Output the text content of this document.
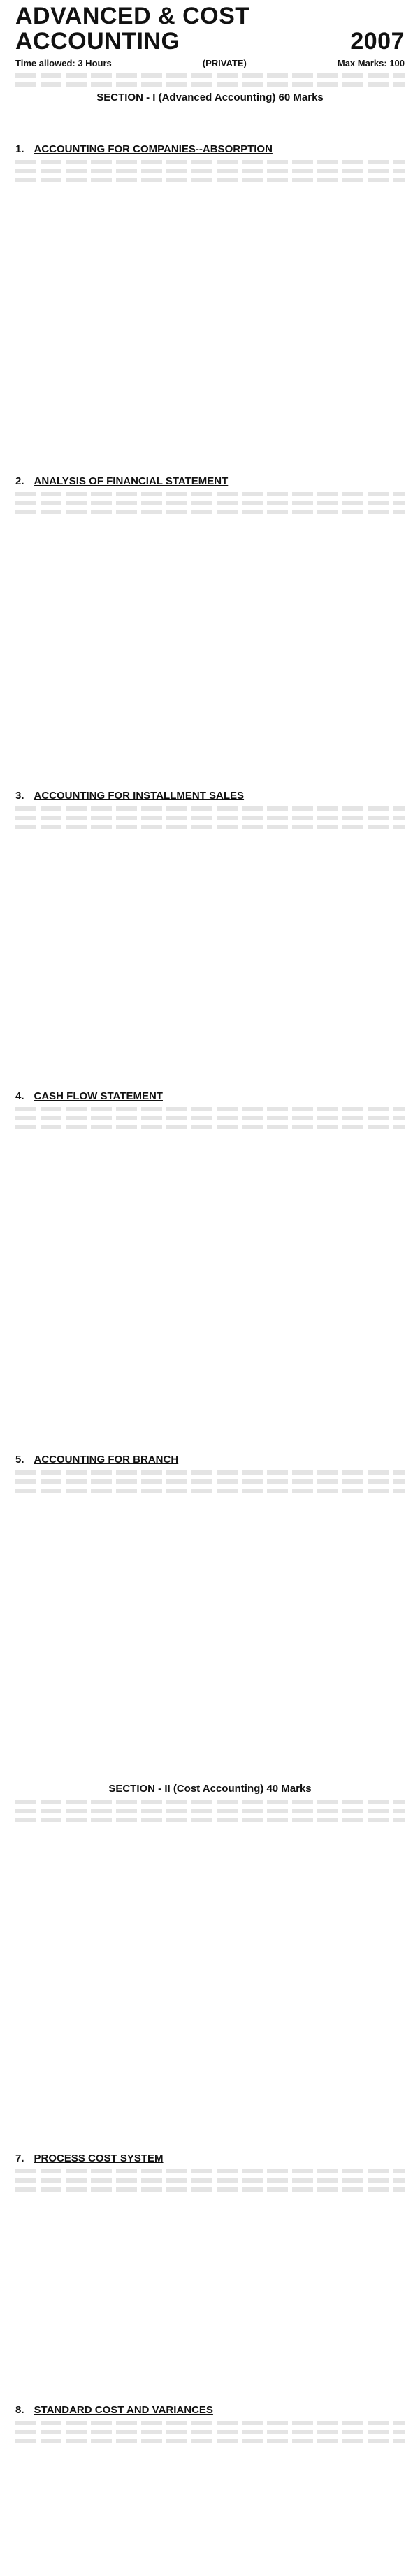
ADVANCED & COST
ACCOUNTING	2007
Time allowed: 3 Hours	(PRIVATE)	Max Marks: 100
SECTION - I (Advanced Accounting) 60 Marks
1. ACCOUNTING FOR COMPANIES--ABSORPTION
2. ANALYSIS OF FINANCIAL STATEMENT
3. ACCOUNTING FOR INSTALLMENT SALES
4. CASH FLOW STATEMENT
5. ACCOUNTING FOR BRANCH
SECTION - II (Cost Accounting) 40 Marks
7. PROCESS COST SYSTEM
8. STANDARD COST AND VARIANCES
